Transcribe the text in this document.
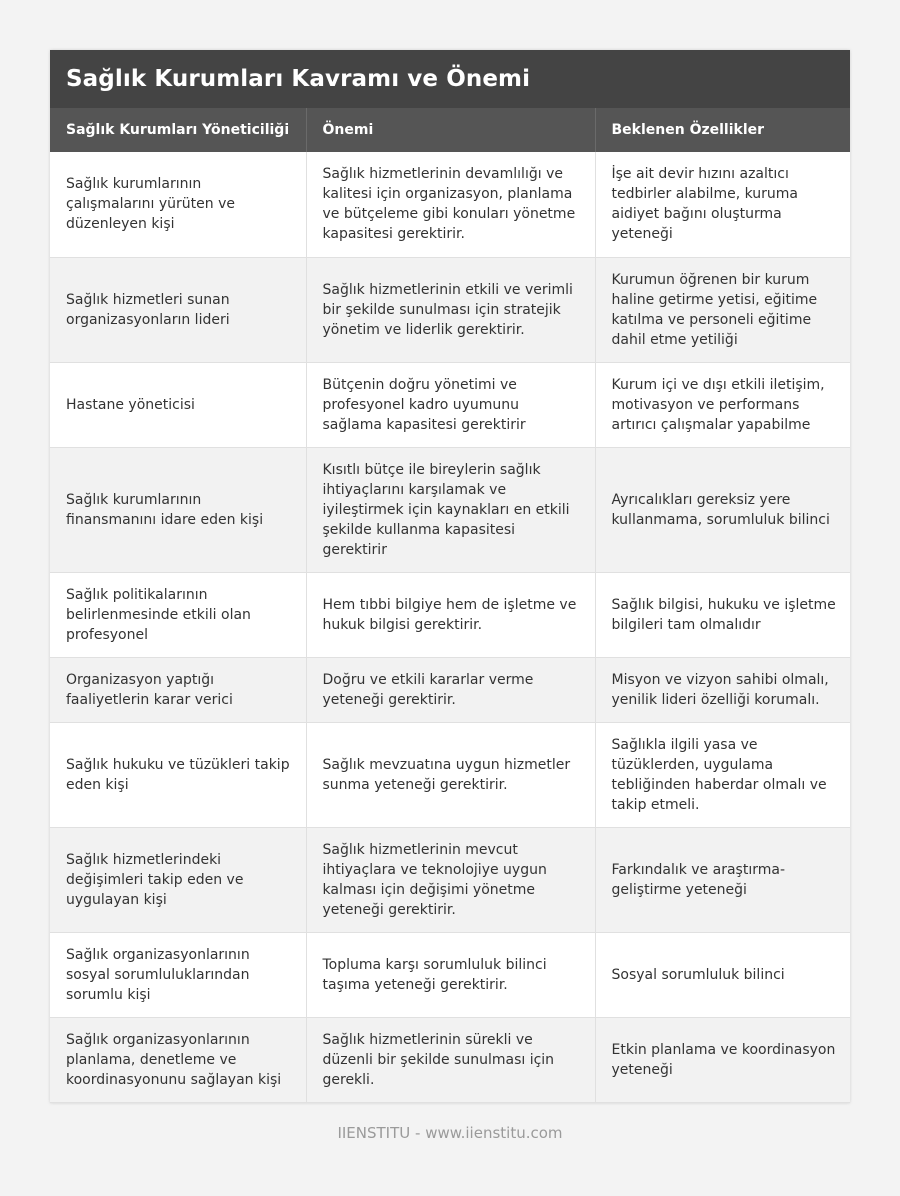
Sağlık Kurumları Kavramı ve Önemi
Sağlık Kurumları Yöneticiliği	Önemi	Beklenen Özellikler
Sağlık kurumlarının çalışmalarını yürüten ve düzenleyen kişi	Sağlık hizmetlerinin devamlılığı ve kalitesi için organizasyon, planlama ve bütçeleme gibi konuları yönetme kapasitesi gerektirir.	İşe ait devir hızını azaltıcı tedbirler alabilme, kuruma aidiyet bağını oluşturma yeteneği
Sağlık hizmetleri sunan organizasyonların lideri	Sağlık hizmetlerinin etkili ve verimli bir şekilde sunulması için stratejik yönetim ve liderlik gerektirir.	Kurumun öğrenen bir kurum haline getirme yetisi, eğitime katılma ve personeli eğitime dahil etme yetiliği
Hastane yöneticisi	Bütçenin doğru yönetimi ve profesyonel kadro uyumunu sağlama kapasitesi gerektirir	Kurum içi ve dışı etkili iletişim, motivasyon ve performans artırıcı çalışmalar yapabilme
Sağlık kurumlarının finansmanını idare eden kişi	Kısıtlı bütçe ile bireylerin sağlık ihtiyaçlarını karşılamak ve iyileştirmek için kaynakları en etkili şekilde kullanma kapasitesi gerektirir	Ayrıcalıkları gereksiz yere kullanmama, sorumluluk bilinci
Sağlık politikalarının belirlenmesinde etkili olan profesyonel	Hem tıbbi bilgiye hem de işletme ve hukuk bilgisi gerektirir.	Sağlık bilgisi, hukuku ve işletme bilgileri tam olmalıdır
Organizasyon yaptığı faaliyetlerin karar verici	Doğru ve etkili kararlar verme yeteneği gerektirir.	Misyon ve vizyon sahibi olmalı, yenilik lideri özelliği korumalı.
Sağlık hukuku ve tüzükleri takip eden kişi	Sağlık mevzuatına uygun hizmetler sunma yeteneği gerektirir.	Sağlıkla ilgili yasa ve tüzüklerden, uygulama tebliğinden haberdar olmalı ve takip etmeli.
Sağlık hizmetlerindeki değişimleri takip eden ve uygulayan kişi	Sağlık hizmetlerinin mevcut ihtiyaçlara ve teknolojiye uygun kalması için değişimi yönetme yeteneği gerektirir.	Farkındalık ve araştırma-geliştirme yeteneği
Sağlık organizasyonlarının sosyal sorumluluklarından sorumlu kişi	Topluma karşı sorumluluk bilinci taşıma yeteneği gerektirir.	Sosyal sorumluluk bilinci
Sağlık organizasyonlarının planlama, denetleme ve koordinasyonunu sağlayan kişi	Sağlık hizmetlerinin sürekli ve düzenli bir şekilde sunulması için gerekli.	Etkin planlama ve koordinasyon yeteneği
IIENSTITU - www.iienstitu.com
